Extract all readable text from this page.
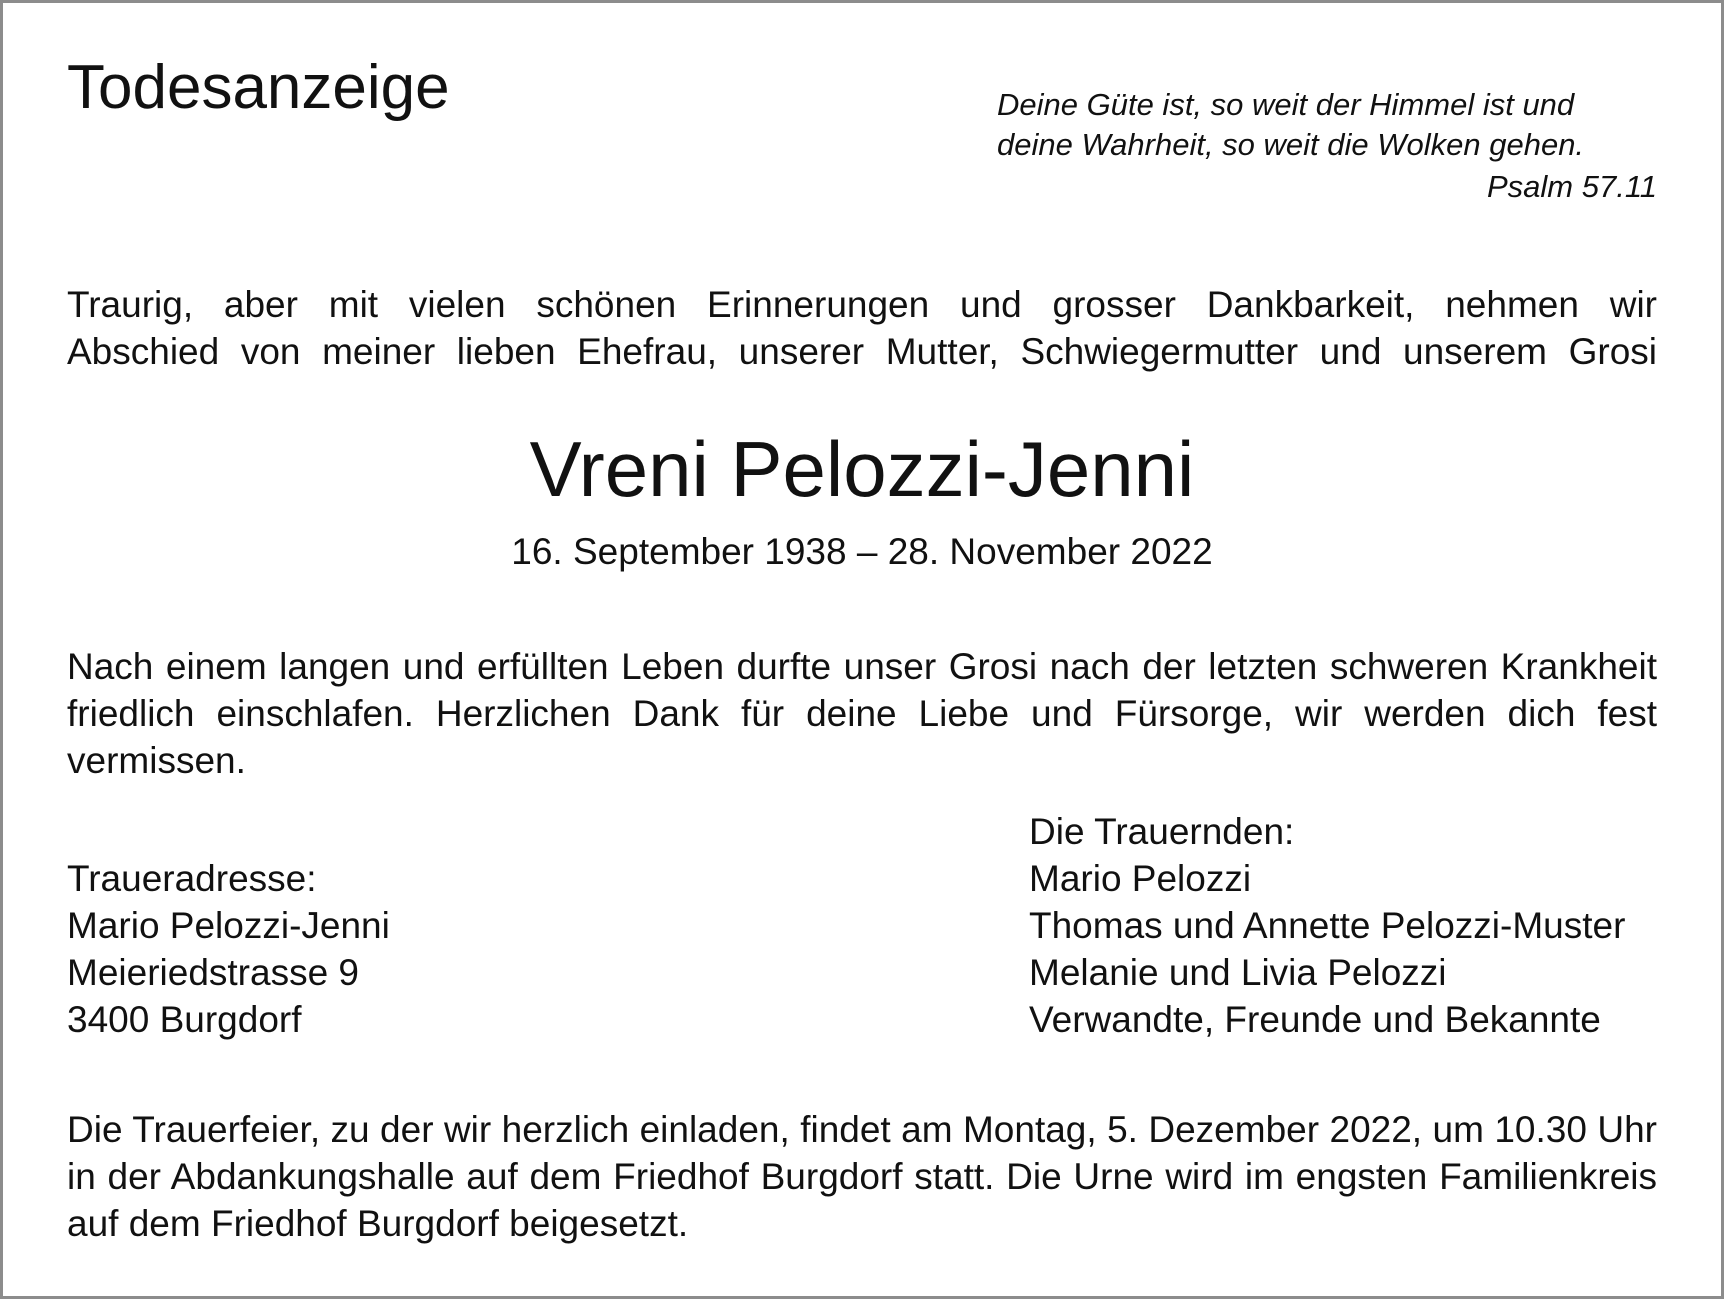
Todesanzeige	Deine Güte ist, so weit der Himmel ist und
deine Wahrheit, so weit die Wolken gehen.
Psalm 57.11
Traurig, aber mit vielen schönen Erinnerungen und grosser Dankbarkeit, nehmen wir
Abschied von meiner lieben Ehefrau, unserer Mutter, Schwiegermutter und unserem Grosi
Vreni Pelozzi-Jenni
16. September 1938 – 28. November 2022
Nach einem langen und erfüllten Leben durfte unser Grosi nach der letzten schweren Krankheit friedlich einschlafen. Herzlichen Dank für deine Liebe und Fürsorge, wir werden dich fest vermissen.
Traueradresse:
Mario Pelozzi-Jenni
Meieriedstrasse 9
3400 Burgdorf
Die Trauernden:
Mario Pelozzi
Thomas und Annette Pelozzi-Muster
Melanie und Livia Pelozzi
Verwandte, Freunde und Bekannte
Die Trauerfeier, zu der wir herzlich einladen, findet am Montag, 5. Dezember 2022, um 10.30 Uhr in der Abdankungshalle auf dem Friedhof Burgdorf statt. Die Urne wird im engsten Familienkreis auf dem Friedhof Burgdorf beigesetzt.
